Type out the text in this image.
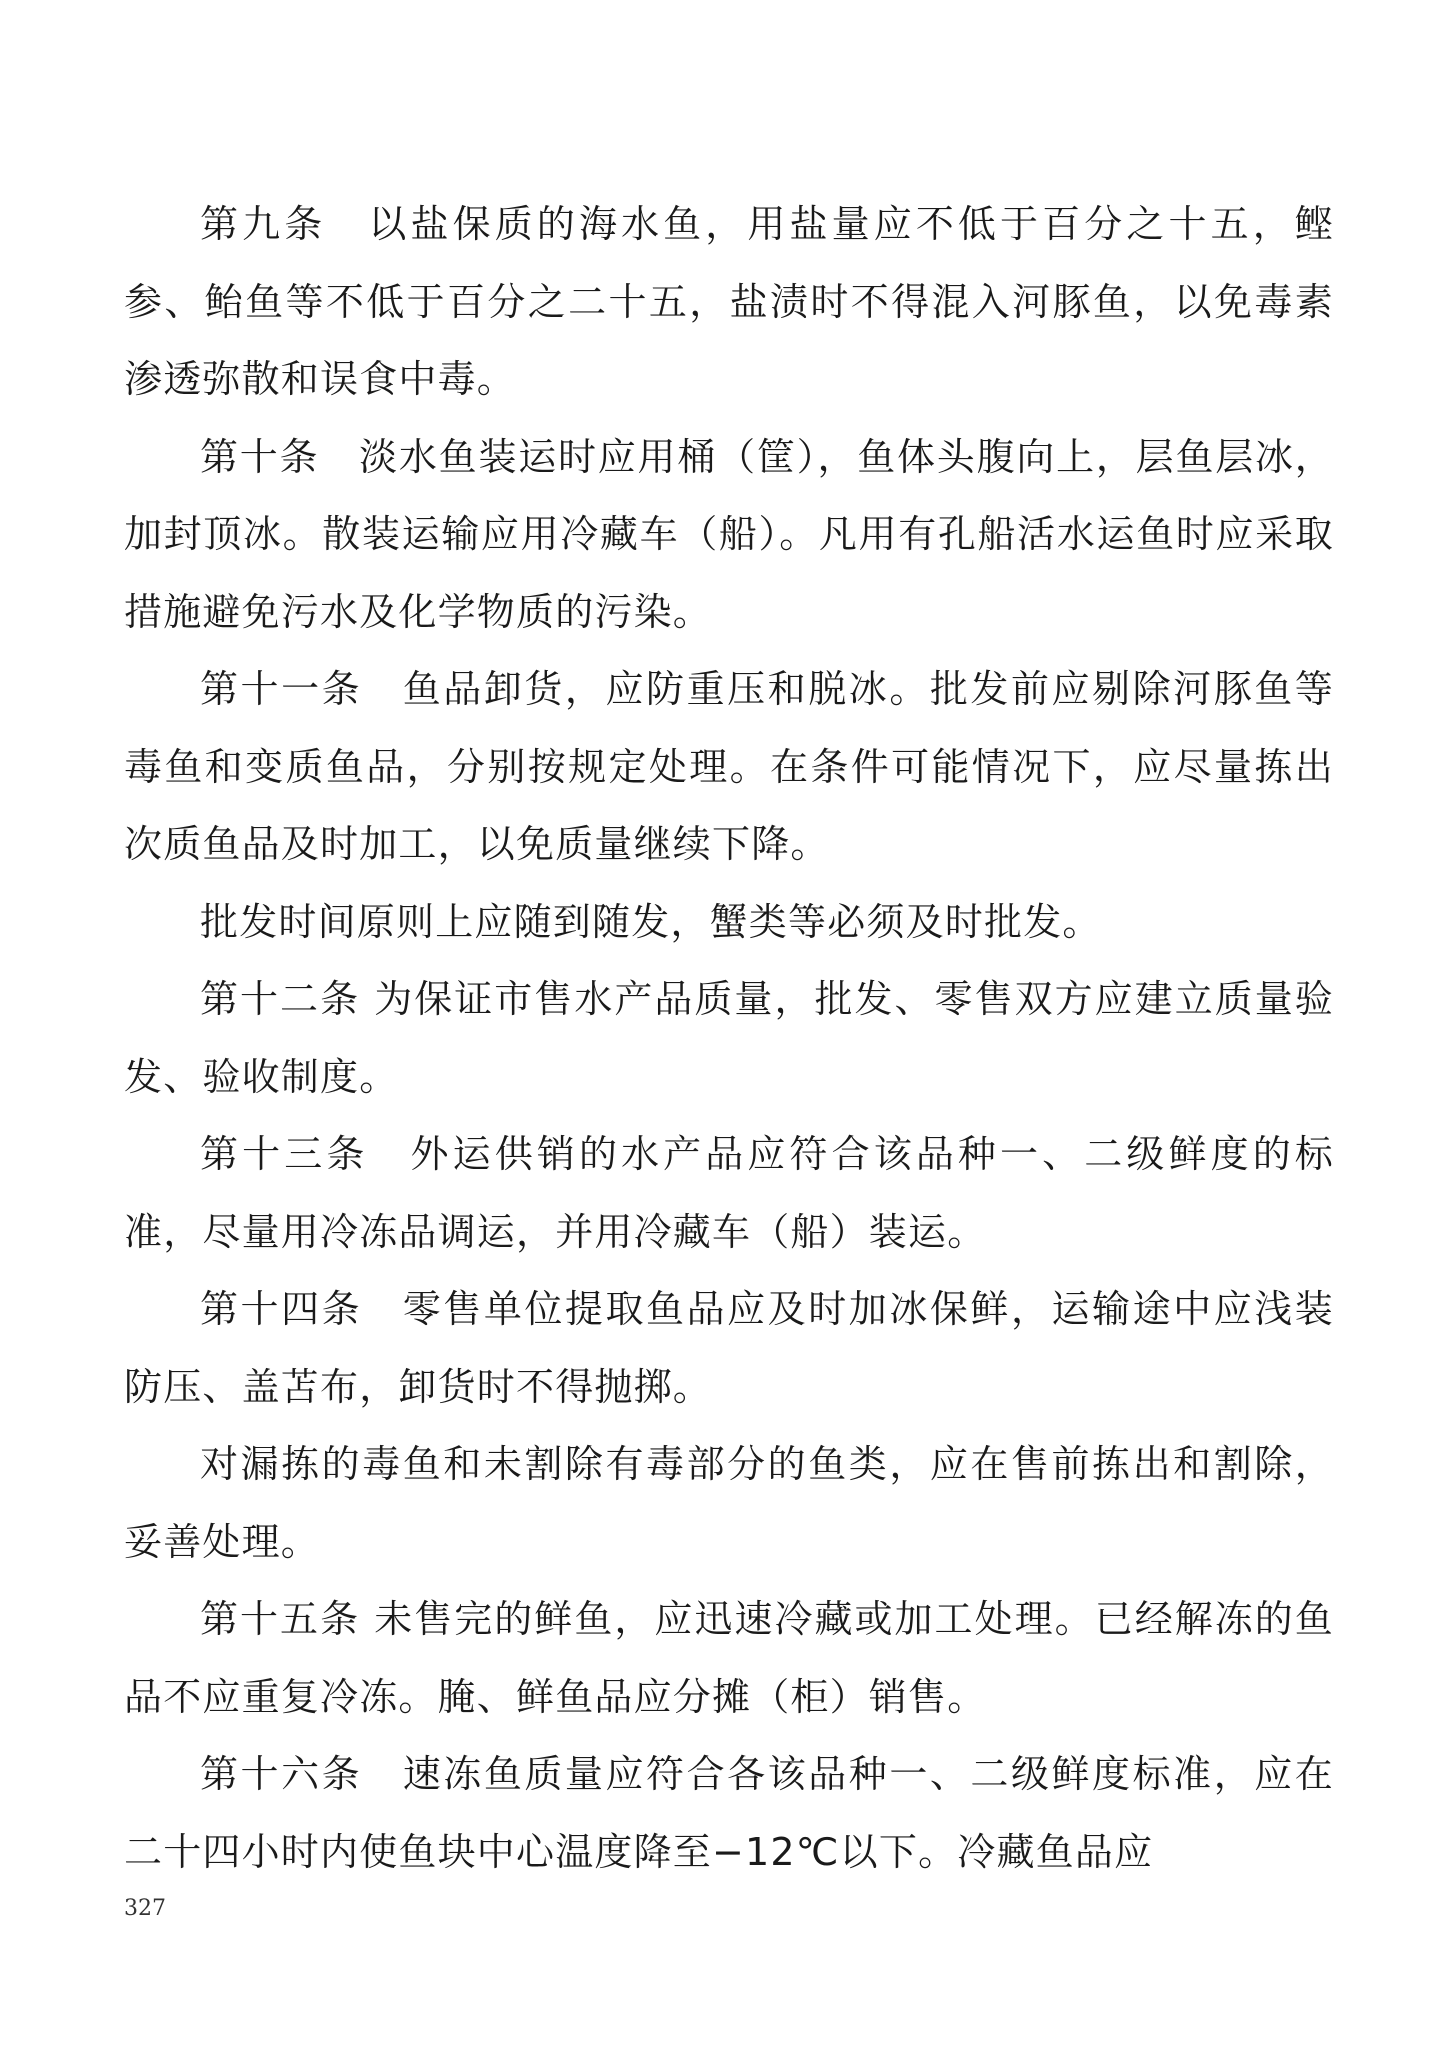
第九条　以盐保质的海水鱼，用盐量应不低于百分之十五，鲣参、鲐鱼等不低于百分之二十五，盐渍时不得混入河豚鱼，以免毒素渗透弥散和误食中毒。

第十条　淡水鱼装运时应用桶（筐），鱼体头腹向上，层鱼层冰，加封顶冰。散装运输应用冷藏车（船）。凡用有孔船活水运鱼时应采取措施避免污水及化学物质的污染。

第十一条　鱼品卸货，应防重压和脱冰。批发前应剔除河豚鱼等毒鱼和变质鱼品，分别按规定处理。在条件可能情况下，应尽量拣出次质鱼品及时加工，以免质量继续下降。

批发时间原则上应随到随发，蟹类等必须及时批发。

第十二条 为保证市售水产品质量，批发、零售双方应建立质量验发、验收制度。

第十三条　外运供销的水产品应符合该品种一、二级鲜度的标准，尽量用冷冻品调运，并用冷藏车（船）装运。

第十四条　零售单位提取鱼品应及时加冰保鲜，运输途中应浅装防压、盖苫布，卸货时不得抛掷。

对漏拣的毒鱼和未割除有毒部分的鱼类，应在售前拣出和割除，妥善处理。

第十五条 未售完的鲜鱼，应迅速冷藏或加工处理。已经解冻的鱼品不应重复冷冻。腌、鲜鱼品应分摊（柜）销售。

第十六条　速冻鱼质量应符合各该品种一、二级鲜度标准，应在二十四小时内使鱼块中心温度降至−12℃以下。冷藏鱼品应

327
